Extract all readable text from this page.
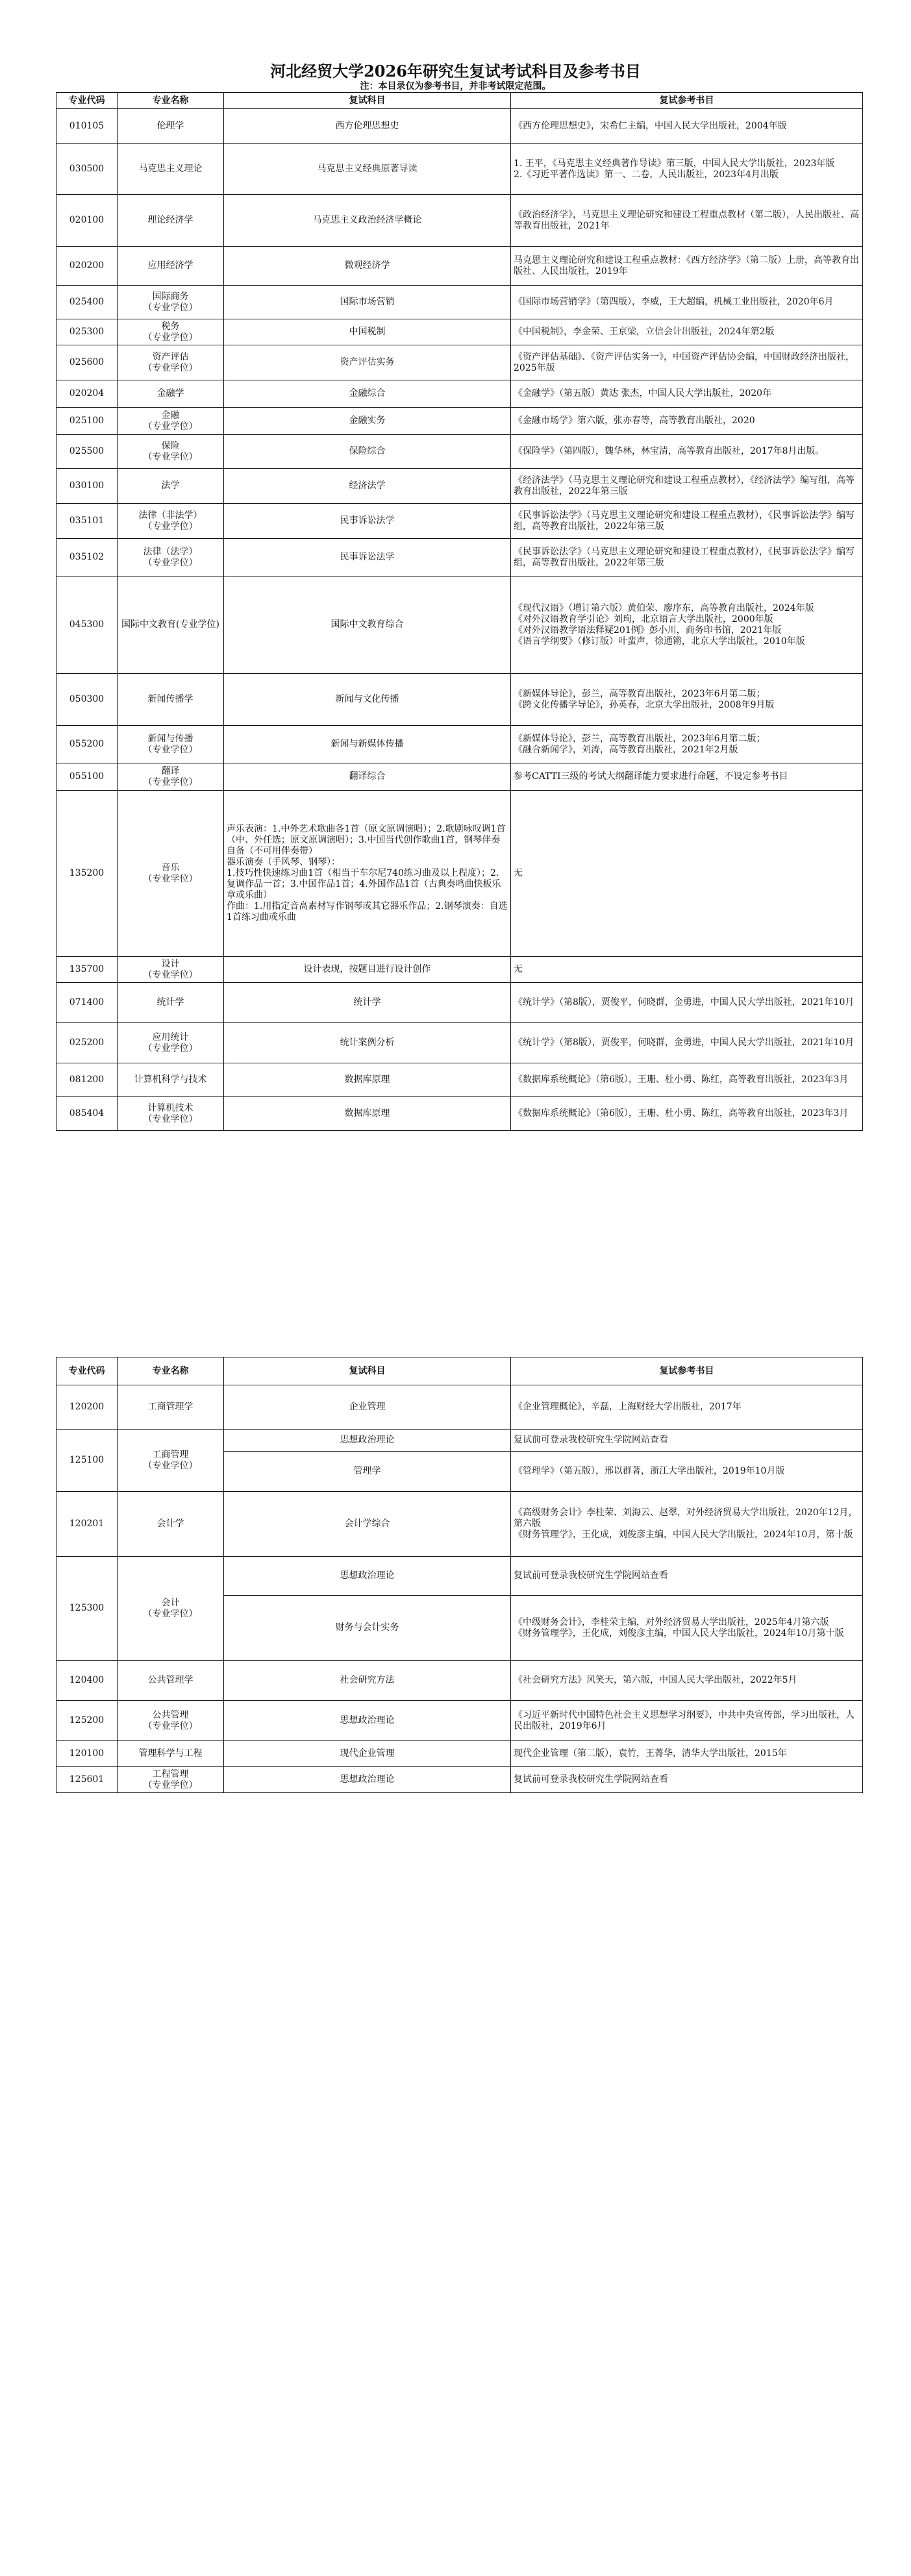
河北经贸大学2026年研究生复试考试科目及参考书目
注：本目录仅为参考书目，并非考试限定范围。
专业代码	专业名称	复试科目	复试参考书目
010105	伦理学	西方伦理思想史	《西方伦理思想史》，宋希仁主编，中国人民大学出版社，2004年版
030500	马克思主义理论	马克思主义经典原著导读	1. 王平，《马克思主义经典著作导读》第三版，中国人民大学出版社，2023年版
2.《习近平著作选读》第一、二卷，人民出版社，2023年4月出版
020100	理论经济学	马克思主义政治经济学概论	《政治经济学》，马克思主义理论研究和建设工程重点教材（第二版），人民出版社、高等教育出版社，2021年
020200	应用经济学	微观经济学	马克思主义理论研究和建设工程重点教材：《西方经济学》（第二版）上册，高等教育出版社、人民出版社，2019年
025400	国际商务
（专业学位）	国际市场营销	《国际市场营销学》（第四版），李威，王大超编，机械工业出版社，2020年6月
025300	税务
（专业学位）	中国税制	《中国税制》，李金荣、王京梁，立信会计出版社，2024年第2版
025600	资产评估
（专业学位）	资产评估实务	《资产评估基础》、《资产评估实务一》，中国资产评估协会编，中国财政经济出版社，2025年版
020204	金融学	金融综合	《金融学》（第五版）黄达 张杰，中国人民大学出版社，2020年
025100	金融
（专业学位）	金融实务	《金融市场学》第六版，张亦春等，高等教育出版社，2020
025500	保险
（专业学位）	保险综合	《保险学》（第四版），魏华林，林宝清，高等教育出版社，2017年8月出版。
030100	法学	经济法学	《经济法学》（马克思主义理论研究和建设工程重点教材），《经济法学》编写组，高等教育出版社，2022年第三版
035101	法律（非法学）
（专业学位）	民事诉讼法学	《民事诉讼法学》（马克思主义理论研究和建设工程重点教材），《民事诉讼法学》编写组，高等教育出版社，2022年第三版
035102	法律（法学）
（专业学位）	民事诉讼法学	《民事诉讼法学》（马克思主义理论研究和建设工程重点教材），《民事诉讼法学》编写组，高等教育出版社，2022年第三版
045300	国际中文教育(专业学位)	国际中文教育综合	《现代汉语》（增订第六版）黄伯荣、廖序东，高等教育出版社，2024年版
《对外汉语教育学引论》刘珣，北京语言大学出版社，2000年版
《对外汉语教学语法释疑201例》彭小川，商务印书馆，2021年版
《语言学纲要》（修订版）叶蜚声，徐通锵，北京大学出版社，2010年版
050300	新闻传播学	新闻与文化传播	《新媒体导论》，彭兰，高等教育出版社，2023年6月第二版；
《跨文化传播学导论》，孙英春，北京大学出版社，2008年9月版
055200	新闻与传播
（专业学位）	新闻与新媒体传播	《新媒体导论》，彭兰，高等教育出版社，2023年6月第二版；
《融合新闻学》，刘涛，高等教育出版社，2021年2月版
055100	翻译
（专业学位）	翻译综合	参考CATTI三级的考试大纲翻译能力要求进行命题，不设定参考书目
135200	音乐
（专业学位）	声乐表演：1.中外艺术歌曲各1首（原文原调演唱）；2.歌剧咏叹调1首（中、外任选；原文原调演唱）；3.中国当代创作歌曲1首，钢琴伴奏自备（不可用伴奏带）
器乐演奏（手风琴、钢琴）：
1.技巧性快速练习曲1首（相当于车尔尼740练习曲及以上程度）；2.复调作品一首；3.中国作品1首；4.外国作品1首（古典奏鸣曲快板乐章或乐曲）
作曲：1.用指定音高素材写作钢琴或其它器乐作品；2.钢琴演奏：自选1首练习曲或乐曲	无
135700	设计
（专业学位）	设计表现，按题目进行设计创作	无
071400	统计学	统计学	《统计学》（第8版），贾俊平，何晓群，金勇进，中国人民大学出版社，2021年10月
025200	应用统计
（专业学位）	统计案例分析	《统计学》（第8版），贾俊平，何晓群，金勇进，中国人民大学出版社，2021年10月
081200	计算机科学与技术	数据库原理	《数据库系统概论》（第6版），王珊、杜小勇、陈红，高等教育出版社，2023年3月
085404	计算机技术
（专业学位）	数据库原理	《数据库系统概论》（第6版），王珊、杜小勇、陈红，高等教育出版社，2023年3月
专业代码	专业名称	复试科目	复试参考书目
120200	工商管理学	企业管理	《企业管理概论》，辛磊，上海财经大学出版社，2017年
125100	工商管理
（专业学位）	思想政治理论	复试前可登录我校研究生学院网站查看
		管理学	《管理学》（第五版），邢以群著，浙江大学出版社，2019年10月版
120201	会计学	会计学综合	《高级财务会计》李桂荣、刘海云、赵翠，对外经济贸易大学出版社，2020年12月，第六版
《财务管理学》，王化成，刘俊彦主编，中国人民大学出版社，2024年10月，第十版
125300	会计
（专业学位）	思想政治理论	复试前可登录我校研究生学院网站查看
		财务与会计实务	《中级财务会计》，李桂荣主编，对外经济贸易大学出版社，2025年4月第六版
《财务管理学》，王化成，刘俊彦主编，中国人民大学出版社，2024年10月第十版
120400	公共管理学	社会研究方法	《社会研究方法》风笑天，第六版，中国人民大学出版社，2022年5月
125200	公共管理
（专业学位）	思想政治理论	《习近平新时代中国特色社会主义思想学习纲要》，中共中央宣传部，学习出版社，人民出版社，2019年6月
120100	管理科学与工程	现代企业管理	现代企业管理（第二版），袁竹，王菁华，清华大学出版社，2015年
125601	工程管理
（专业学位）	思想政治理论	复试前可登录我校研究生学院网站查看
